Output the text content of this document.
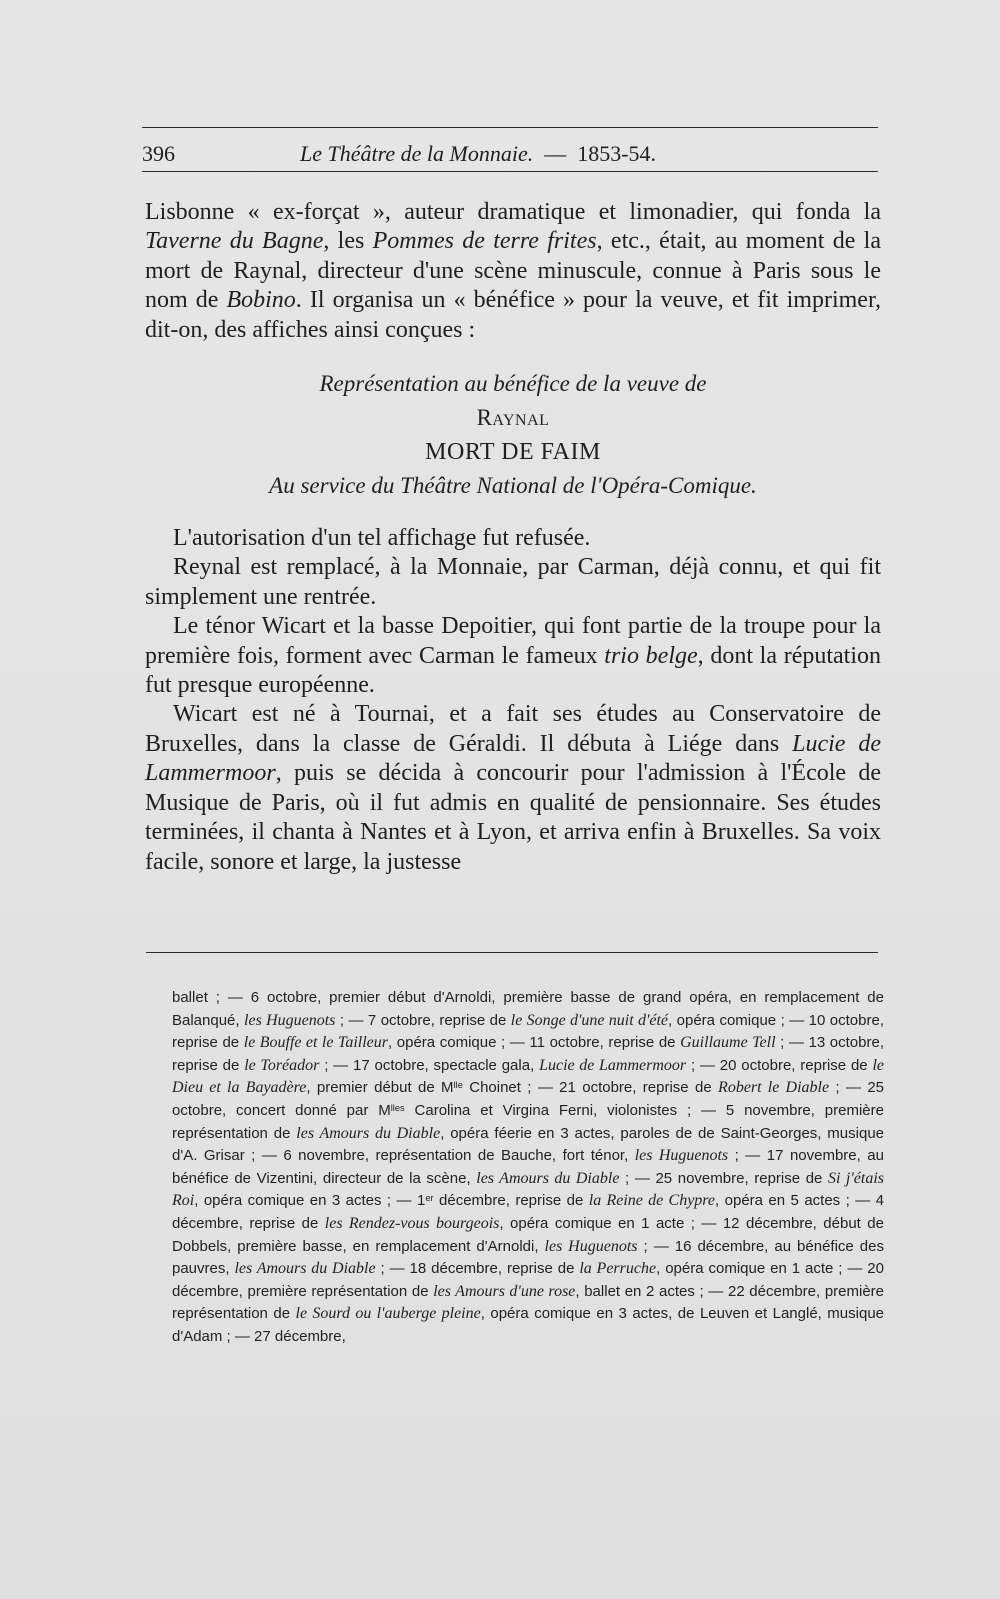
396	Le Théâtre de la Monnaie. — 1853-54.

Lisbonne « ex-forçat », auteur dramatique et limonadier, qui fonda la Taverne du Bagne, les Pommes de terre frites, etc., était, au moment de la mort de Raynal, directeur d'une scène minuscule, connue à Paris sous le nom de Bobino. Il organisa un « bénéfice » pour la veuve, et fit imprimer, dit-on, des affiches ainsi conçues :

Représentation au bénéfice de la veuve de
Raynal
MORT DE FAIM
Au service du Théâtre National de l'Opéra-Comique.

L'autorisation d'un tel affichage fut refusée.

Reynal est remplacé, à la Monnaie, par Carman, déjà connu, et qui fit simplement une rentrée.

Le ténor Wicart et la basse Depoitier, qui font partie de la troupe pour la première fois, forment avec Carman le fameux trio belge, dont la réputation fut presque européenne.

Wicart est né à Tournai, et a fait ses études au Conservatoire de Bruxelles, dans la classe de Géraldi. Il débuta à Liége dans Lucie de Lammermoor, puis se décida à concourir pour l'admission à l'École de Musique de Paris, où il fut admis en qualité de pensionnaire. Ses études terminées, il chanta à Nantes et à Lyon, et arriva enfin à Bruxelles. Sa voix facile, sonore et large, la justesse

ballet ; — 6 octobre, premier début d'Arnoldi, première basse de grand opéra, en remplacement de Balanqué, les Huguenots ; — 7 octobre, reprise de le Songe d'une nuit d'été, opéra comique ; — 10 octobre, reprise de le Bouffe et le Tailleur, opéra comique ; — 11 octobre, reprise de Guillaume Tell ; — 13 octobre, reprise de le Toréador ; — 17 octobre, spectacle gala, Lucie de Lammermoor ; — 20 octobre, reprise de le Dieu et la Bayadère, premier début de $M^{lle}$ Choinet ; — 21 octobre, reprise de Robert le Diable ; — 25 octobre, concert donné par $M^{lles}$ Carolina et Virgina Ferni, violonistes ; — 5 novembre, première représentation de les Amours du Diable, opéra féerie en 3 actes, paroles de de Saint-Georges, musique d'A. Grisar ; — 6 novembre, représentation de Bauche, fort ténor, les Huguenots ; — 17 novembre, au bénéfice de Vizentini, directeur de la scène, les Amours du Diable ; — 25 novembre, reprise de Si j'étais Roi, opéra comique en 3 actes ; — 1er décembre, reprise de la Reine de Chypre, opéra en 5 actes ; — 4 décembre, reprise de les Rendez-vous bourgeois, opéra comique en 1 acte ; — 12 décembre, début de Dobbels, première basse, en remplacement d'Arnoldi, les Huguenots ; — 16 décembre, au bénéfice des pauvres, les Amours du Diable ; — 18 décembre, reprise de la Perruche, opéra comique en 1 acte ; — 20 décembre, première représentation de les Amours d'une rose, ballet en 2 actes ; — 22 décembre, première représentation de le Sourd ou l'auberge pleine, opéra comique en 3 actes, de Leuven et Langlé, musique d'Adam ; — 27 décembre,
